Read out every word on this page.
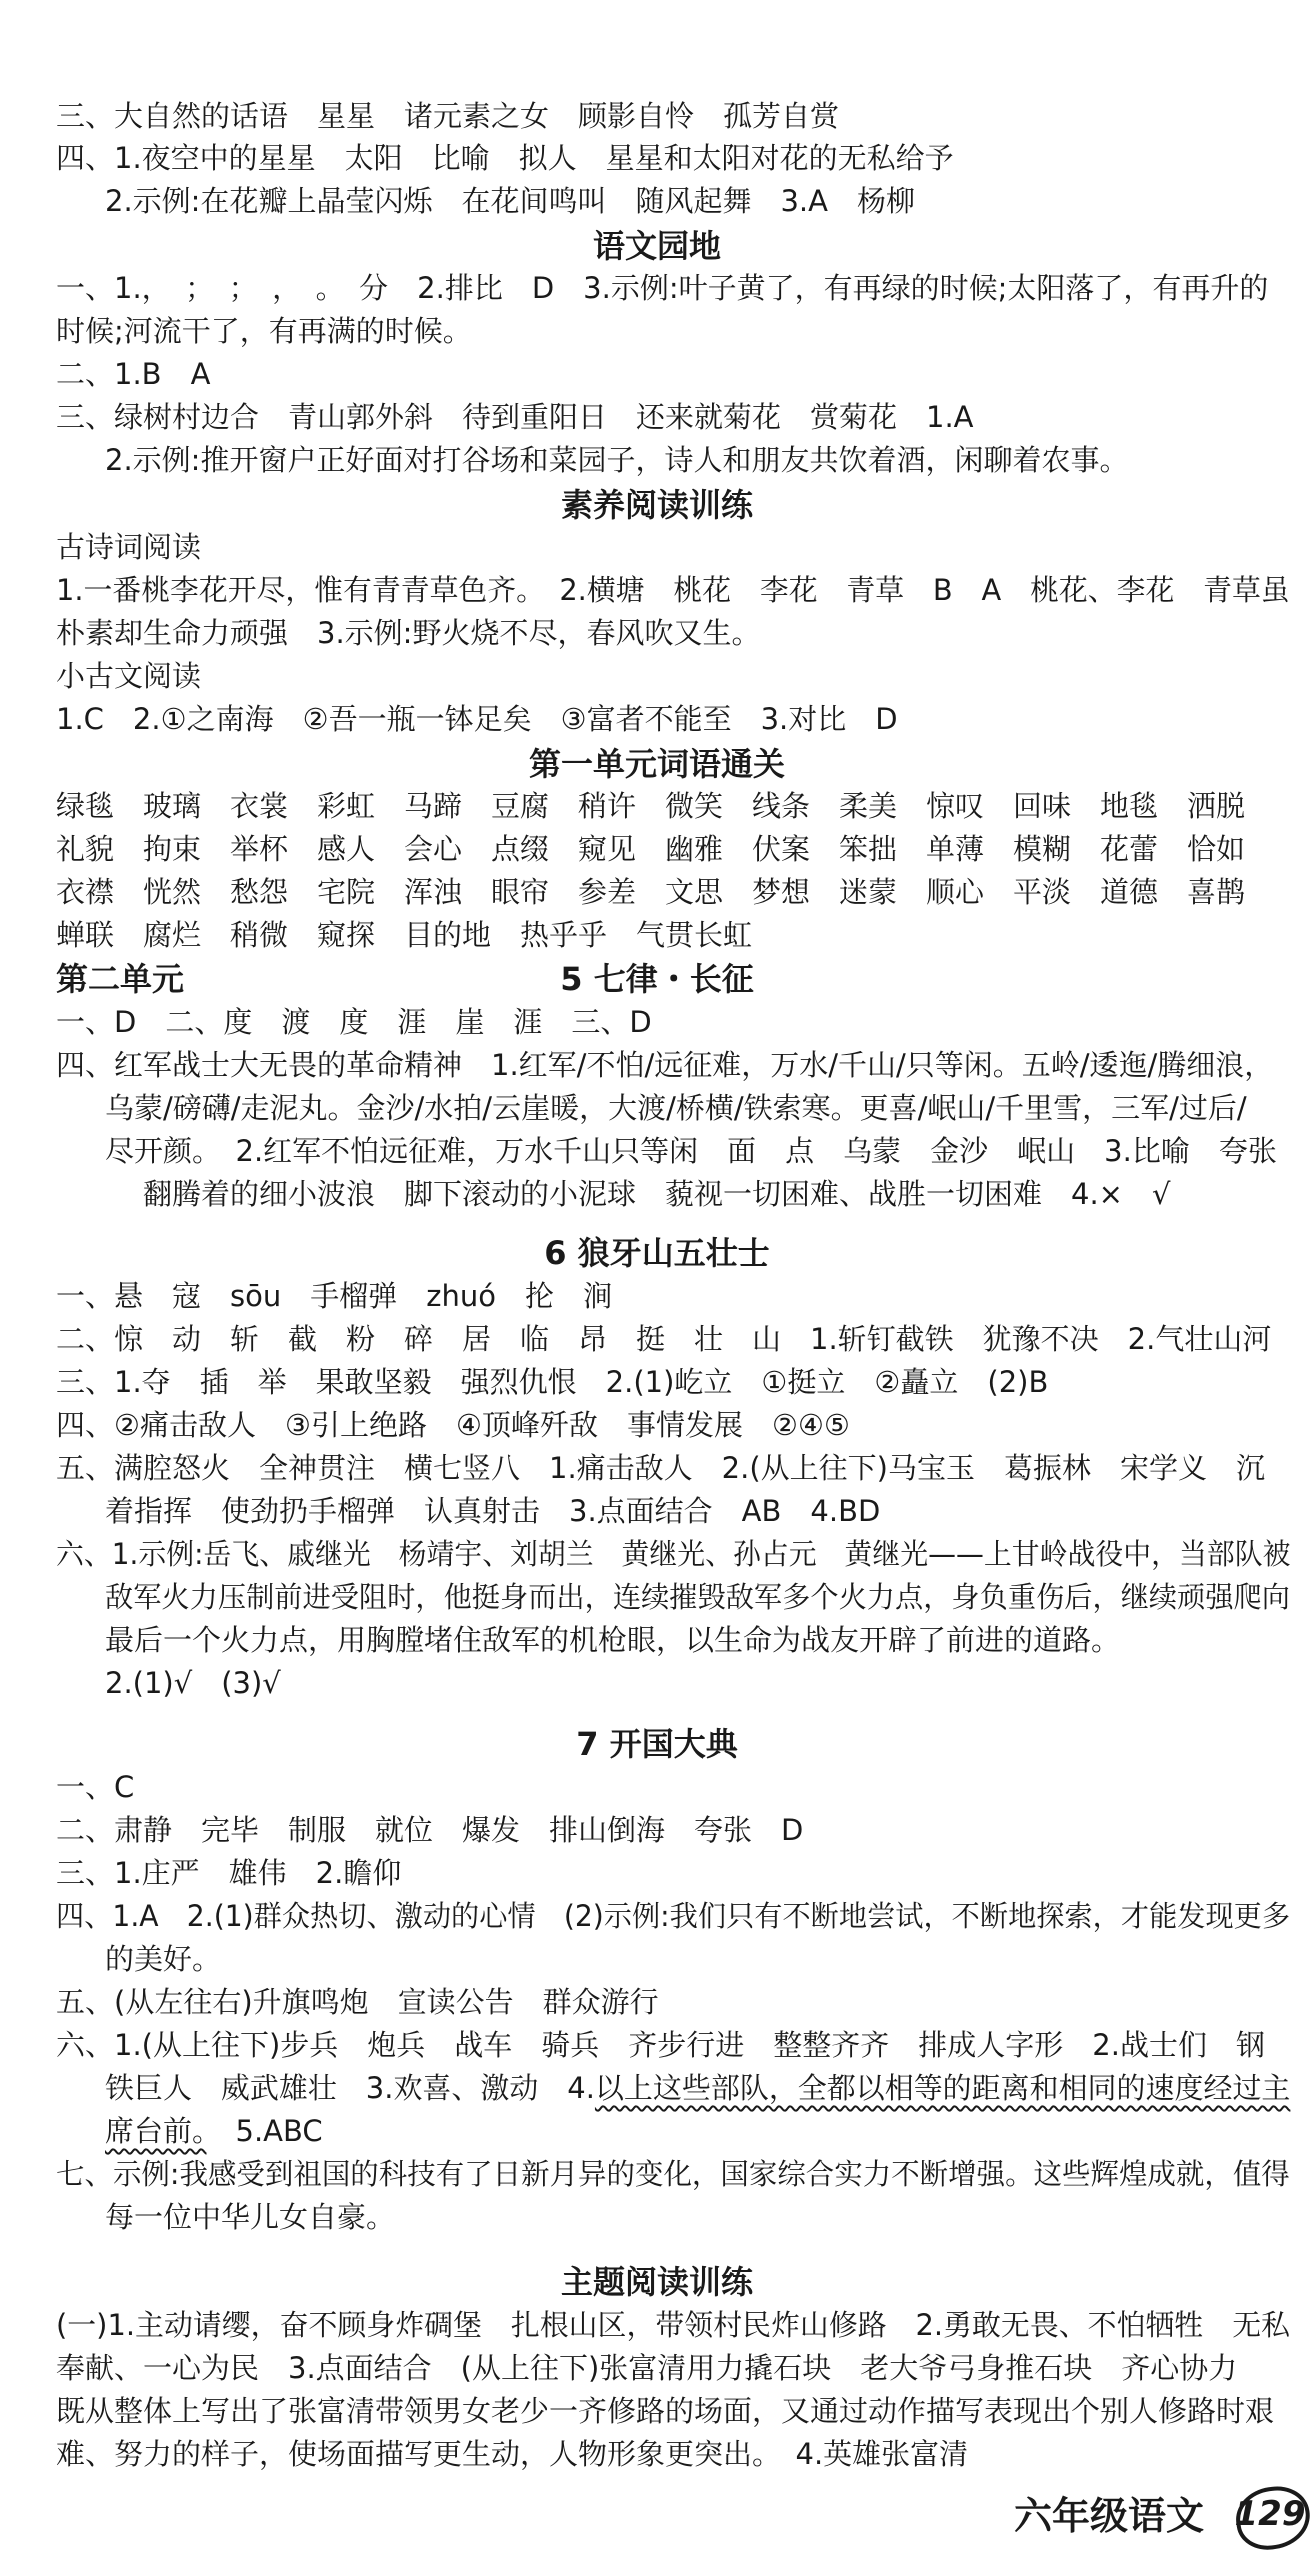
语文园地
素养阅读训练
第一单元词语通关
第二单元	5 七律・长征
6 狼牙山五壮士
7 开国大典
主题阅读训练
三、大自然的话语　星星　诸元素之女　顾影自怜　孤芳自赏
四、1.夜空中的星星　太阳　比喻　拟人　星星和太阳对花的无私给予
2.示例:在花瓣上晶莹闪烁　在花间鸣叫　随风起舞　3.A　杨柳
一、1.，　；　；　，　。　分　2.排比　D　3.示例:叶子黄了，有再绿的时候;太阳落了，有再升的
时候;河流干了，有再满的时候。
二、1.B　A
三、绿树村边合　青山郭外斜　待到重阳日　还来就菊花　赏菊花　1.A
2.示例:推开窗户正好面对打谷场和菜园子，诗人和朋友共饮着酒，闲聊着农事。
古诗词阅读
1.一番桃李花开尽，惟有青青草色齐。　2.横塘　桃花　李花　青草　B　A　桃花、李花　青草虽
朴素却生命力顽强　3.示例:野火烧不尽，春风吹又生。
小古文阅读
1.C　2.①之南海　②吾一瓶一钵足矣　③富者不能至　3.对比　D
绿毯　玻璃　衣裳　彩虹　马蹄　豆腐　稍许　微笑　线条　柔美　惊叹　回味　地毯　洒脱
礼貌　拘束　举杯　感人　会心　点缀　窥见　幽雅　伏案　笨拙　单薄　模糊　花蕾　恰如
衣襟　恍然　愁怨　宅院　浑浊　眼帘　参差　文思　梦想　迷蒙　顺心　平淡　道德　喜鹊
蝉联　腐烂　稍微　窥探　目的地　热乎乎　气贯长虹
一、D　二、度　渡　度　涯　崖　涯　三、D
四、红军战士大无畏的革命精神　1.红军/不怕/远征难，万水/千山/只等闲。五岭/逶迤/腾细浪，
乌蒙/磅礴/走泥丸。金沙/水拍/云崖暖，大渡/桥横/铁索寒。更喜/岷山/千里雪，三军/过后/
尽开颜。　2.红军不怕远征难，万水千山只等闲　面　点　乌蒙　金沙　岷山　3.比喻　夸张
翻腾着的细小波浪　脚下滚动的小泥球　藐视一切困难、战胜一切困难　4.×　√
一、悬　寇　sōu　手榴弹　zhuó　抡　涧
二、惊　动　斩　截　粉　碎　居　临　昂　挺　壮　山　1.斩钉截铁　犹豫不决　2.气壮山河
三、1.夺　插　举　果敢坚毅　强烈仇恨　2.(1)屹立　①挺立　②矗立　(2)B
四、②痛击敌人　③引上绝路　④顶峰歼敌　事情发展　②④⑤
五、满腔怒火　全神贯注　横七竖八　1.痛击敌人　2.(从上往下)马宝玉　葛振林　宋学义　沉
着指挥　使劲扔手榴弹　认真射击　3.点面结合　AB　4.BD
六、1.示例:岳飞、戚继光　杨靖宇、刘胡兰　黄继光、孙占元　黄继光——上甘岭战役中，当部队被
敌军火力压制前进受阻时，他挺身而出，连续摧毁敌军多个火力点，身负重伤后，继续顽强爬向
最后一个火力点，用胸膛堵住敌军的机枪眼，以生命为战友开辟了前进的道路。
2.(1)√　(3)√
一、C
二、肃静　完毕　制服　就位　爆发　排山倒海　夸张　D
三、1.庄严　雄伟　2.瞻仰
四、1.A　2.(1)群众热切、激动的心情　(2)示例:我们只有不断地尝试，不断地探索，才能发现更多
的美好。
五、(从左往右)升旗鸣炮　宣读公告　群众游行
六、1.(从上往下)步兵　炮兵　战车　骑兵　齐步行进　整整齐齐　排成人字形　2.战士们　钢
铁巨人　威武雄壮　3.欢喜、激动　4.以上这些部队，全都以相等的距离和相同的速度经过主
席台前。　5.ABC
七、示例:我感受到祖国的科技有了日新月异的变化，国家综合实力不断增强。这些辉煌成就，值得
每一位中华儿女自豪。
(一)1.主动请缨，奋不顾身炸碉堡　扎根山区，带领村民炸山修路　2.勇敢无畏、不怕牺牲　无私
奉献、一心为民　3.点面结合　(从上往下)张富清用力撬石块　老大爷弓身推石块　齐心协力
既从整体上写出了张富清带领男女老少一齐修路的场面，又通过动作描写表现出个别人修路时艰
难、努力的样子，使场面描写更生动，人物形象更突出。　4.英雄张富清
六年级语文 129
